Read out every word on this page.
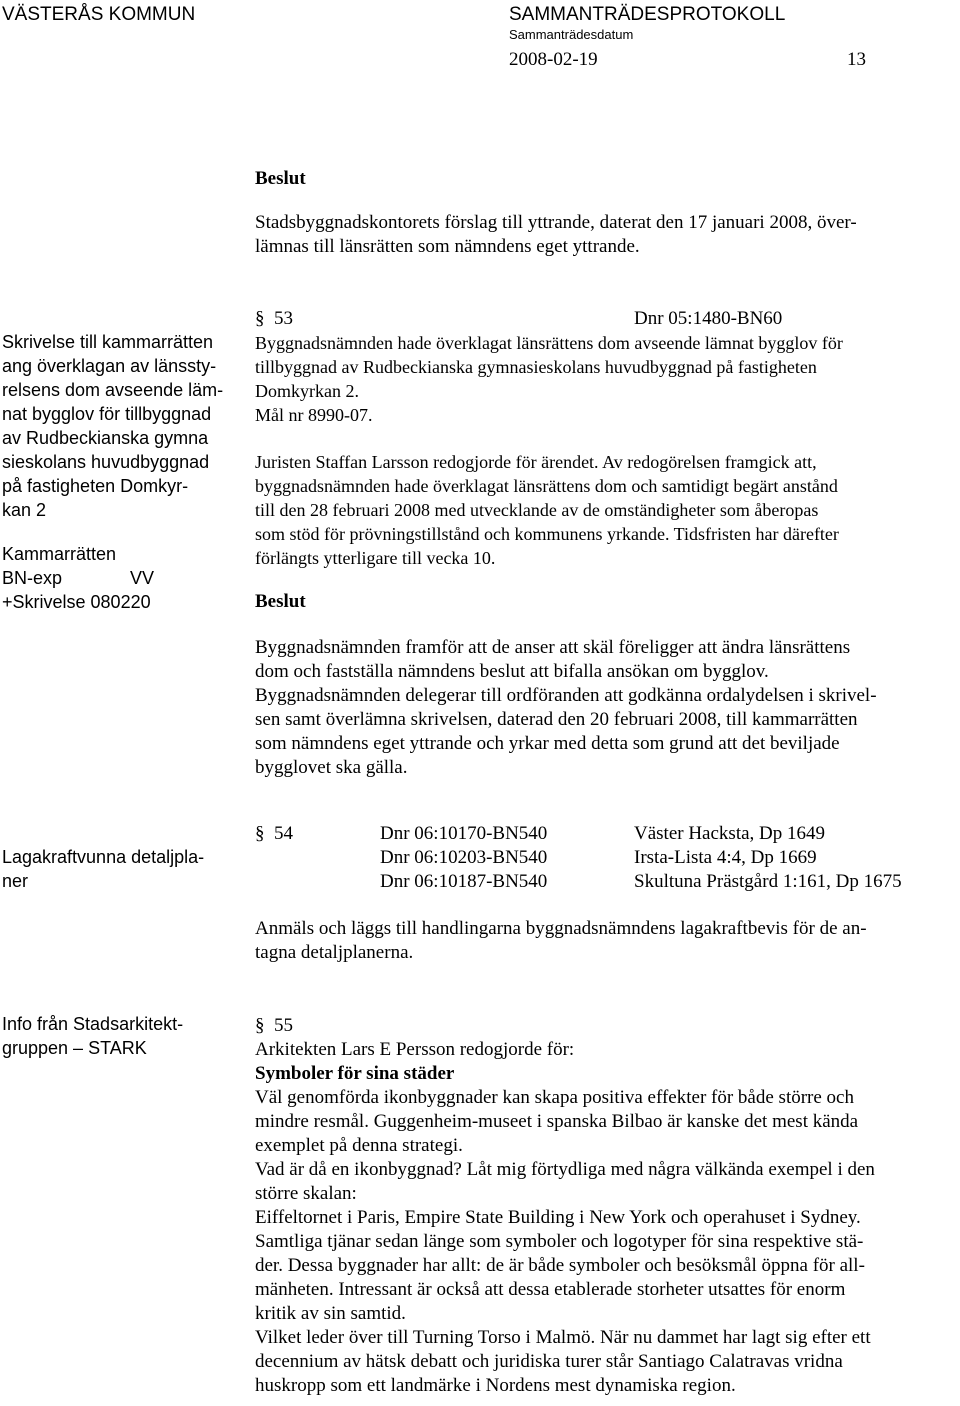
VÄSTERÅS KOMMUN	SAMMANTRÄDESPROTOKOLL
Sammanträdesdatum
2008-02-19	13
Beslut
Stadsbyggnadskontorets förslag till yttrande, daterat den 17 januari 2008, över-
lämnas till länsrätten som nämndens eget yttrande.
Skrivelse till kammarrätten
ang överklagan av länssty-
relsens dom avseende läm-
nat bygglov för tillbyggnad
av Rudbeckianska gymna
sieskolans huvudbyggnad
på fastigheten Domkyr-
kan 2
Kammarrätten
BN-exp	VV
+Skrivelse 080220
§ 53	Dnr 05:1480-BN60
Byggnadsnämnden hade överklagat länsrättens dom avseende lämnat bygglov för
tillbyggnad av Rudbeckianska gymnasieskolans huvudbyggnad på fastigheten
Domkyrkan 2.
Mål nr 8990-07.
Juristen Staffan Larsson redogjorde för ärendet. Av redogörelsen framgick att,
byggnadsnämnden hade överklagat länsrättens dom och samtidigt begärt anstånd
till den 28 februari 2008 med utvecklande av de omständigheter som åberopas
som stöd för prövningstillstånd och kommunens yrkande. Tidsfristen har därefter
förlängts ytterligare till vecka 10.
Beslut
Byggnadsnämnden framför att de anser att skäl föreligger att ändra länsrättens
dom och fastställa nämndens beslut att bifalla ansökan om bygglov.
Byggnadsnämnden delegerar till ordföranden att godkänna ordalydelsen i skrivel-
sen samt överlämna skrivelsen, daterad den 20 februari 2008, till kammarrätten
som nämndens eget yttrande och yrkar med detta som grund att det beviljade
bygglovet ska gälla.
Lagakraftvunna detaljpla-
ner
§ 54	Dnr 06:10170-BN540	Väster Hacksta, Dp 1649
Dnr 06:10203-BN540	Irsta-Lista 4:4, Dp 1669
Dnr 06:10187-BN540	Skultuna Prästgård 1:161, Dp 1675
Anmäls och läggs till handlingarna byggnadsnämndens lagakraftbevis för de an-
tagna detaljplanerna.
Info från Stadsarkitekt-
gruppen – STARK
§ 55
Arkitekten Lars E Persson redogjorde för:
Symboler för sina städer
Väl genomförda ikonbyggnader kan skapa positiva effekter för både större och
mindre resmål. Guggenheim-museet i spanska Bilbao är kanske det mest kända
exemplet på denna strategi.
Vad är då en ikonbyggnad? Låt mig förtydliga med några välkända exempel i den
större skalan:
Eiffeltornet i Paris, Empire State Building i New York och operahuset i Sydney.
Samtliga tjänar sedan länge som symboler och logotyper för sina respektive stä-
der. Dessa byggnader har allt: de är både symboler och besöksmål öppna för all-
mänheten. Intressant är också att dessa etablerade storheter utsattes för enorm
kritik av sin samtid.
Vilket leder över till Turning Torso i Malmö. När nu dammet har lagt sig efter ett
decennium av hätsk debatt och juridiska turer står Santiago Calatravas vridna
huskropp som ett landmärke i Nordens mest dynamiska region.
